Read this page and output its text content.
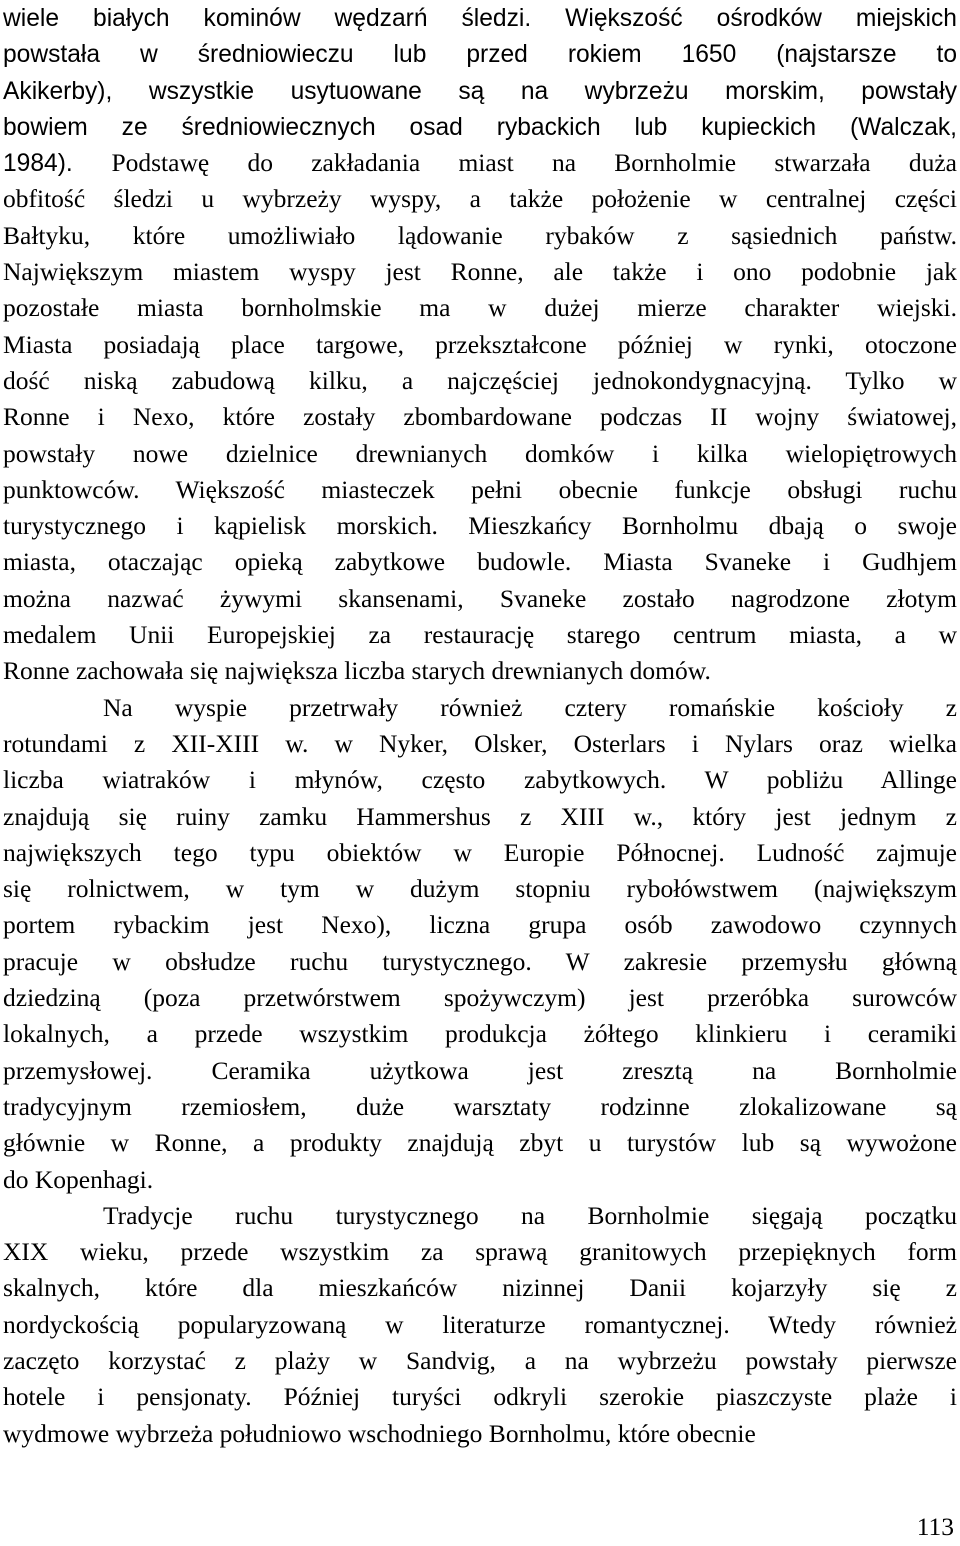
wiele białych kominów wędzarń śledzi. Większość ośrodków miejskich
powstała w średniowieczu lub przed rokiem 1650 (najstarsze to
Akikerby), wszystkie usytuowane są na wybrzeżu morskim, powstały
bowiem ze średniowiecznych osad rybackich lub kupieckich (Walczak,
1984). Podstawę do zakładania miast na Bornholmie stwarzała duża
obfitość śledzi u wybrzeży wyspy, a także położenie w centralnej części
Bałtyku, które umożliwiało lądowanie rybaków z sąsiednich państw.
Największym miastem wyspy jest Ronne, ale także i ono podobnie jak
pozostałe miasta bornholmskie ma w dużej mierze charakter wiejski.
Miasta posiadają place targowe, przekształcone później w rynki, otoczone
dość niską zabudową kilku, a najczęściej jednokondygnacyjną. Tylko w
Ronne i Nexo, które zostały zbombardowane podczas II wojny światowej,
powstały nowe dzielnice drewnianych domków i kilka wielopiętrowych
punktowców. Większość miasteczek pełni obecnie funkcje obsługi ruchu
turystycznego i kąpielisk morskich. Mieszkańcy Bornholmu dbają o swoje
miasta, otaczając opieką zabytkowe budowle. Miasta Svaneke i Gudhjem
można nazwać żywymi skansenami, Svaneke zostało nagrodzone złotym
medalem Unii Europejskiej za restaurację starego centrum miasta, a w
Ronne zachowała się największa liczba starych drewnianych domów.
Na wyspie przetrwały również cztery romańskie kościoły z
rotundami z XII-XIII w. w Nyker, Olsker, Osterlars i Nylars oraz wielka
liczba wiatraków i młynów, często zabytkowych. W pobliżu Allinge
znajdują się ruiny zamku Hammershus z XIII w., który jest jednym z
największych tego typu obiektów w Europie Północnej. Ludność zajmuje
się rolnictwem, w tym w dużym stopniu rybołówstwem (największym
portem rybackim jest Nexo), liczna grupa osób zawodowo czynnych
pracuje w obsłudze ruchu turystycznego. W zakresie przemysłu główną
dziedziną (poza przetwórstwem spożywczym) jest przeróbka surowców
lokalnych, a przede wszystkim produkcja żółtego klinkieru i ceramiki
przemysłowej. Ceramika użytkowa jest zresztą na Bornholmie
tradycyjnym rzemiosłem, duże warsztaty rodzinne zlokalizowane są
głównie w Ronne, a produkty znajdują zbyt u turystów lub są wywożone
do Kopenhagi.
Tradycje ruchu turystycznego na Bornholmie sięgają początku
XIX wieku, przede wszystkim za sprawą granitowych przepięknych form
skalnych, które dla mieszkańców nizinnej Danii kojarzyły się z
nordyckością popularyzowaną w literaturze romantycznej. Wtedy również
zaczęto korzystać z plaży w Sandvig, a na wybrzeżu powstały pierwsze
hotele i pensjonaty. Później turyści odkryli szerokie piaszczyste plaże i
wydmowe wybrzeża południowo wschodniego Bornholmu, które obecnie
113
